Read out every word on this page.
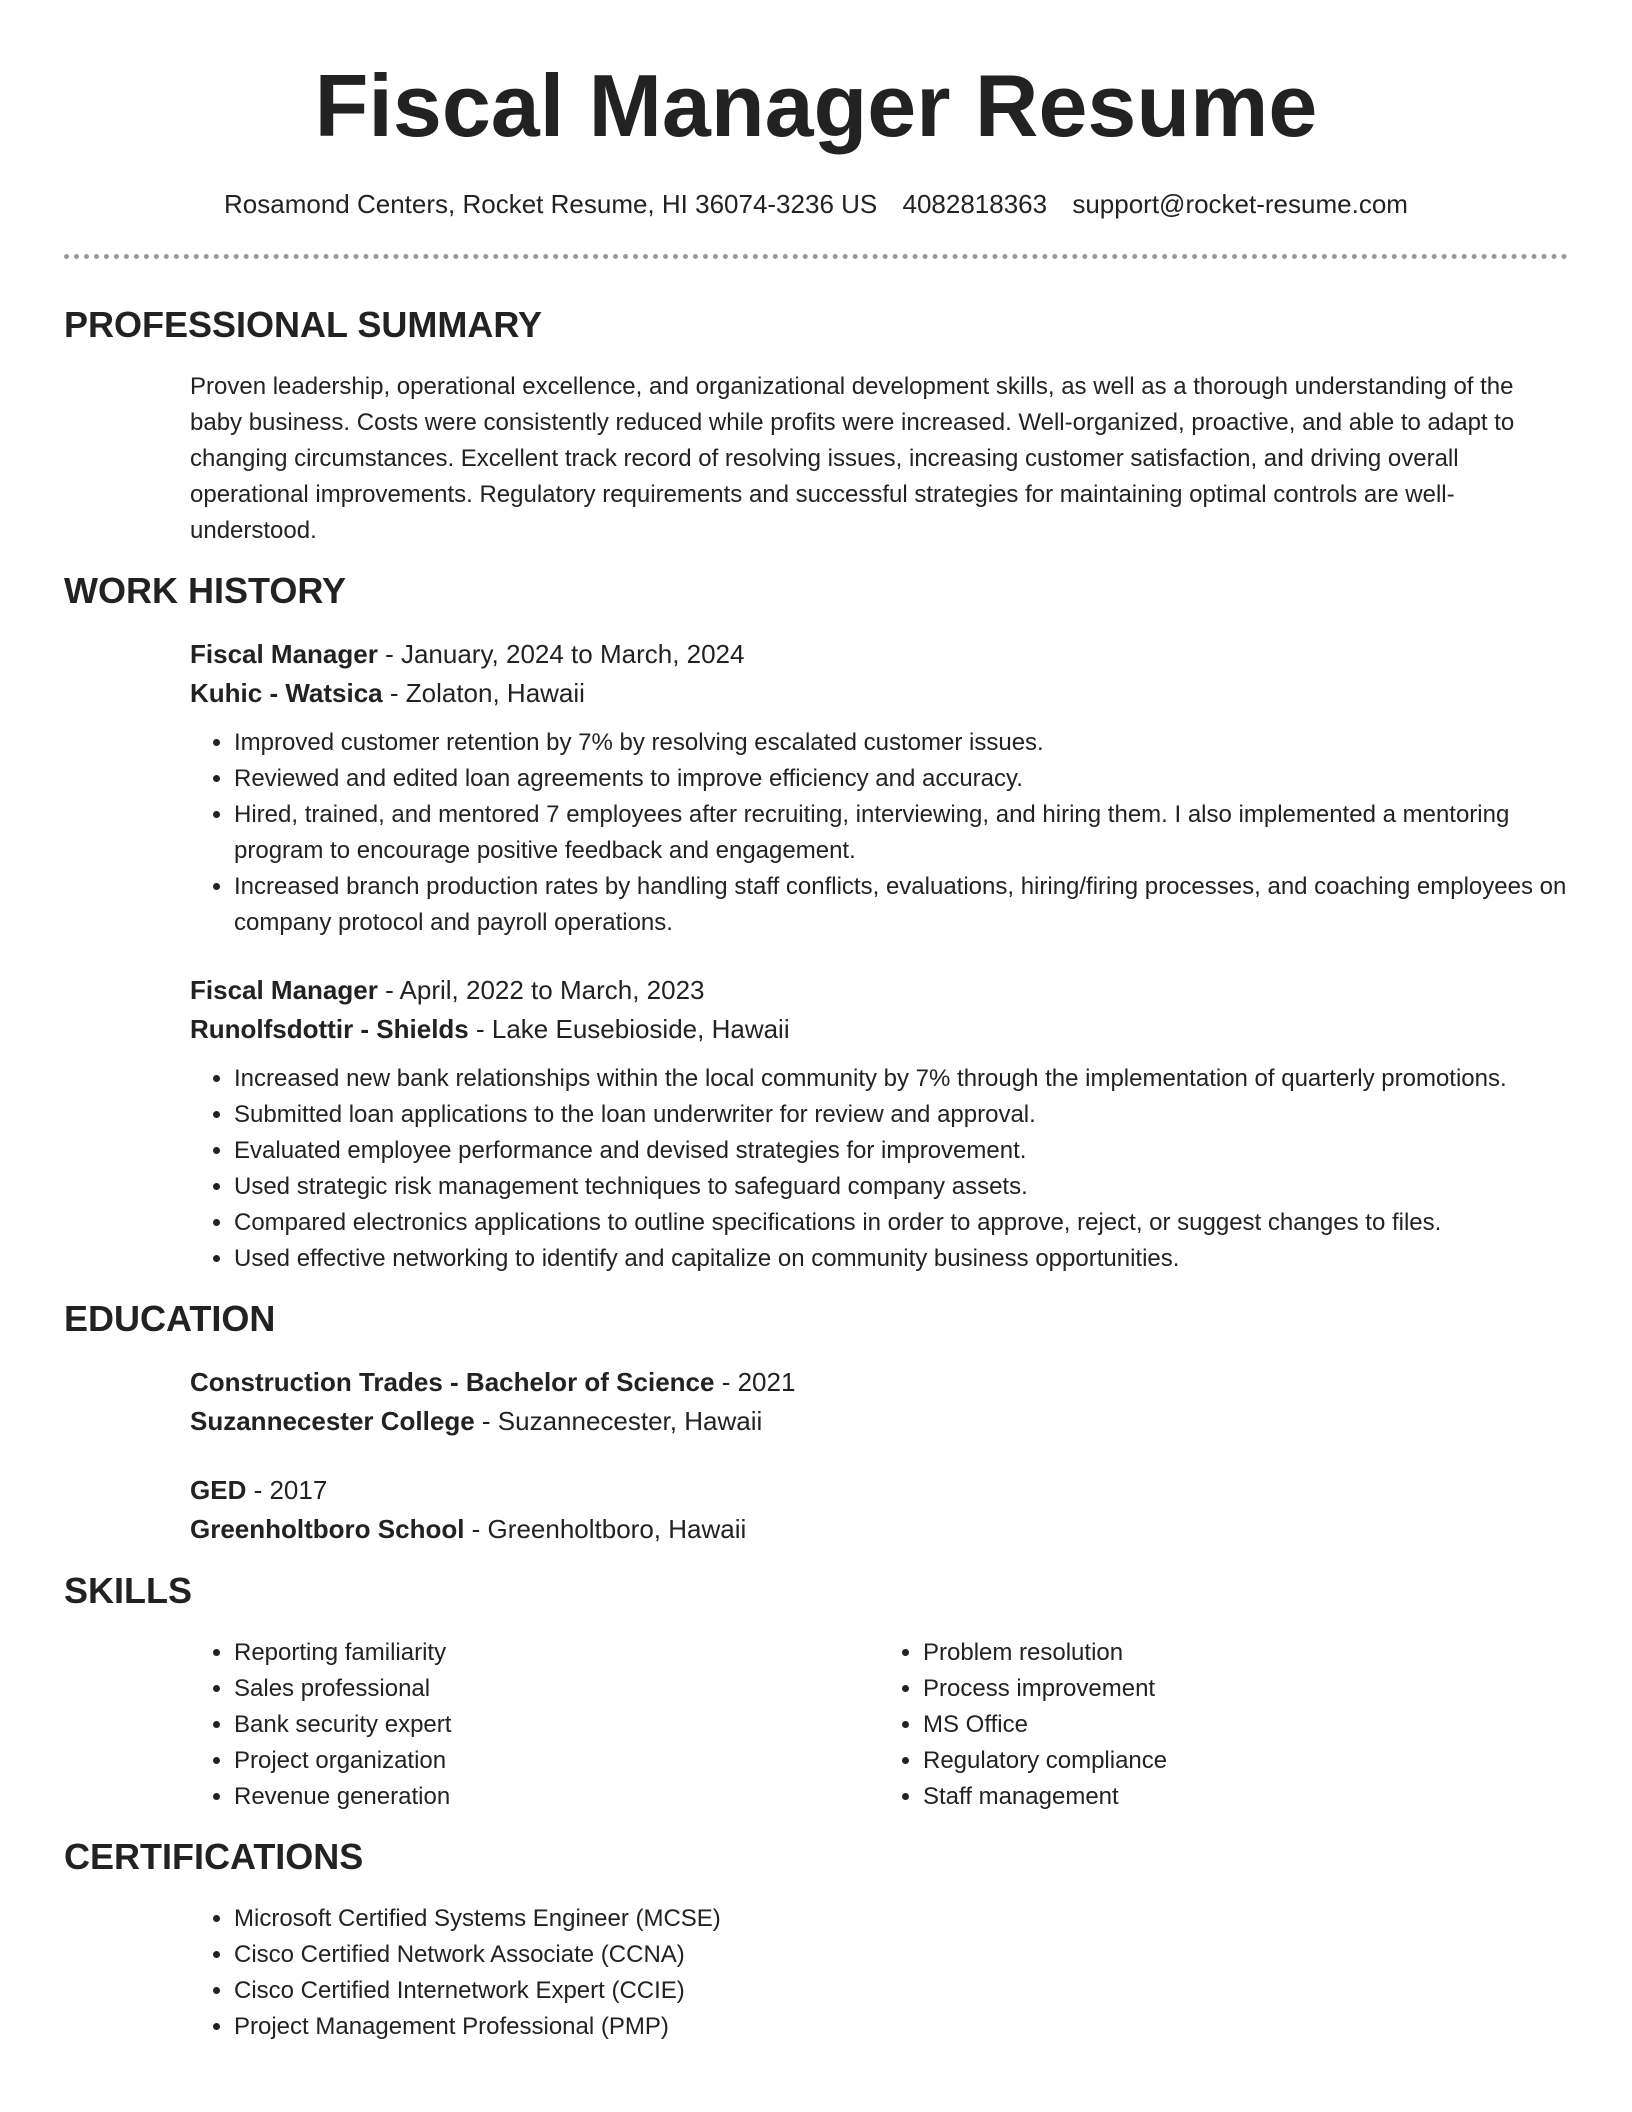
Fiscal Manager Resume
Rosamond Centers, Rocket Resume, HI 36074-3236 US 4082818363 support@rocket-resume.com
PROFESSIONAL SUMMARY

Proven leadership, operational excellence, and organizational development skills, as well as a thorough understanding of the baby business. Costs were consistently reduced while profits were increased. Well-organized, proactive, and able to adapt to changing circumstances. Excellent track record of resolving issues, increasing customer satisfaction, and driving overall operational improvements. Regulatory requirements and successful strategies for maintaining optimal controls are well-understood.

WORK HISTORY
Fiscal Manager - January, 2024 to March, 2024
Kuhic - Watsica - Zolaton, Hawaii
• Improved customer retention by 7% by resolving escalated customer issues.
• Reviewed and edited loan agreements to improve efficiency and accuracy.
• Hired, trained, and mentored 7 employees after recruiting, interviewing, and hiring them. I also implemented a mentoring program to encourage positive feedback and engagement.
• Increased branch production rates by handling staff conflicts, evaluations, hiring/firing processes, and coaching employees on company protocol and payroll operations.
Fiscal Manager - April, 2022 to March, 2023
Runolfsdottir - Shields - Lake Eusebioside, Hawaii
• Increased new bank relationships within the local community by 7% through the implementation of quarterly promotions.
• Submitted loan applications to the loan underwriter for review and approval.
• Evaluated employee performance and devised strategies for improvement.
• Used strategic risk management techniques to safeguard company assets.
• Compared electronics applications to outline specifications in order to approve, reject, or suggest changes to files.
• Used effective networking to identify and capitalize on community business opportunities.
EDUCATION
Construction Trades - Bachelor of Science - 2021
Suzannecester College - Suzannecester, Hawaii
GED - 2017
Greenholtboro School - Greenholtboro, Hawaii
SKILLS
• Reporting familiarity
• Sales professional
• Bank security expert
• Project organization
• Revenue generation
• Problem resolution
• Process improvement
• MS Office
• Regulatory compliance
• Staff management
CERTIFICATIONS
• Microsoft Certified Systems Engineer (MCSE)
• Cisco Certified Network Associate (CCNA)
• Cisco Certified Internetwork Expert (CCIE)
• Project Management Professional (PMP)
